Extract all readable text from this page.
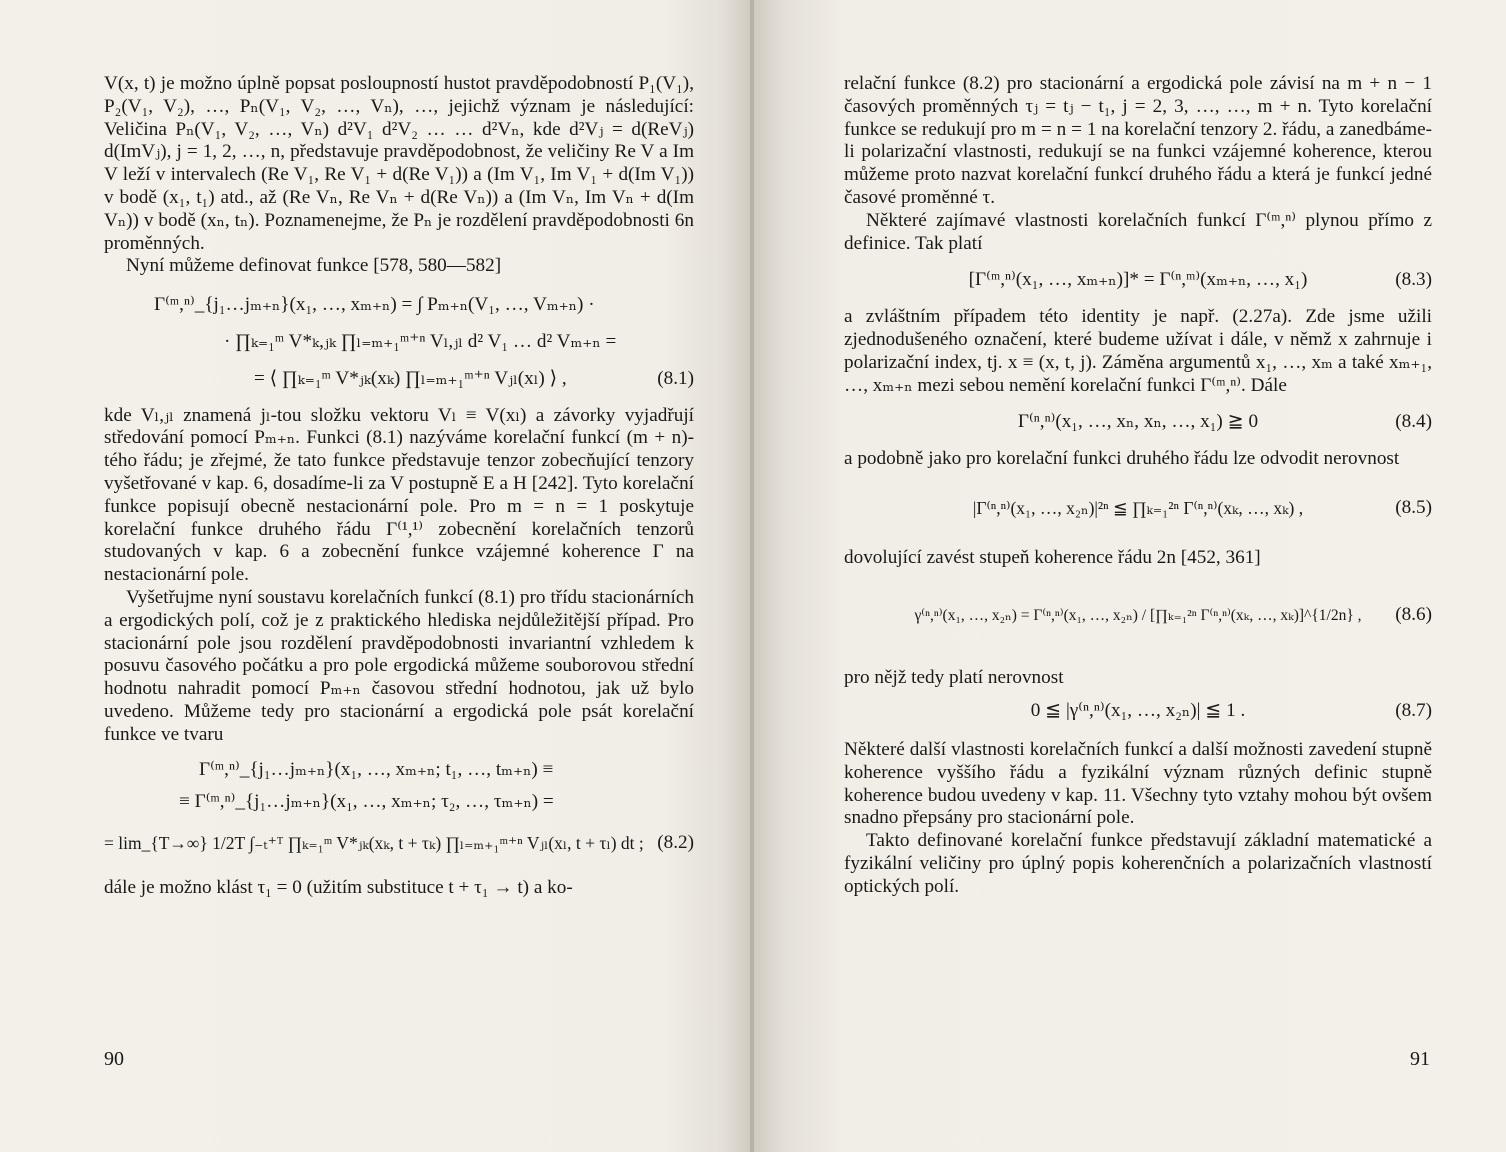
V(x, t) je možno úplně popsat posloupností hustot pravděpodobností P₁(V₁), P₂(V₁, V₂), …, Pₙ(V₁, V₂, …, Vₙ), …, jejichž význam je následující: Veličina Pₙ(V₁, V₂, …, Vₙ) d²V₁ d²V₂ … … d²Vₙ, kde d²Vⱼ = d(ReVⱼ) d(ImVⱼ), j = 1, 2, …, n, představuje pravděpodobnost, že veličiny Re V a Im V leží v intervalech (Re V₁, Re V₁ + d(Re V₁)) a (Im V₁, Im V₁ + d(Im V₁)) v bodě (x₁, t₁) atd., až (Re Vₙ, Re Vₙ + d(Re Vₙ)) a (Im Vₙ, Im Vₙ + d(Im Vₙ)) v bodě (xₙ, tₙ). Poznamenejme, že Pₙ je rozdělení pravděpodobnosti 6n proměnných.

Nyní můžeme definovat funkce [578, 580—582]

Γ⁽ᵐ,ⁿ⁾_{j₁…jₘ₊ₙ}(x₁, …, xₘ₊ₙ) = ∫ Pₘ₊ₙ(V₁, …, Vₘ₊ₙ) ·
· ∏ₖ₌₁ᵐ V*ₖ,ⱼₖ ∏ₗ₌ₘ₊₁ᵐ⁺ⁿ Vₗ,ⱼₗ d² V₁ … d² Vₘ₊ₙ =
= ⟨ ∏ₖ₌₁ᵐ V*ⱼₖ(xₖ) ∏ₗ₌ₘ₊₁ᵐ⁺ⁿ Vⱼₗ(xₗ) ⟩ ,	(8.1)

kde Vₗ,ⱼₗ znamená jₗ-tou složku vektoru Vₗ ≡ V(xₗ) a závorky vyjadřují středování pomocí Pₘ₊ₙ. Funkci (8.1) nazýváme korelační funkcí (m + n)-tého řádu; je zřejmé, že tato funkce představuje tenzor zobecňující tenzory vyšetřované v kap. 6, dosadíme-li za V postupně E a H [242]. Tyto korelační funkce popisují obecně nestacionární pole. Pro m = n = 1 poskytuje korelační funkce druhého řádu Γ⁽¹,¹⁾ zobecnění korelačních tenzorů studovaných v kap. 6 a zobecnění funkce vzájemné koherence Γ na nestacionární pole.

Vyšetřujme nyní soustavu korelačních funkcí (8.1) pro třídu stacionárních a ergodických polí, což je z praktického hlediska nejdůležitější případ. Pro stacionární pole jsou rozdělení pravděpodobnosti invariantní vzhledem k posuvu časového počátku a pro pole ergodická můžeme souborovou střední hodnotu nahradit pomocí Pₘ₊ₙ časovou střední hodnotou, jak už bylo uvedeno. Můžeme tedy pro stacionární a ergodická pole psát korelační funkce ve tvaru

Γ⁽ᵐ,ⁿ⁾_{j₁…jₘ₊ₙ}(x₁, …, xₘ₊ₙ; t₁, …, tₘ₊ₙ) ≡
≡ Γ⁽ᵐ,ⁿ⁾_{j₁…jₘ₊ₙ}(x₁, …, xₘ₊ₙ; τ₂, …, τₘ₊ₙ) =
= lim_{T→∞} 1/2T ∫₋ₜ⁺ᵀ ∏ₖ₌₁ᵐ V*ⱼₖ(xₖ, t + τₖ) ∏ₗ₌ₘ₊₁ᵐ⁺ⁿ Vⱼₗ(xₗ, t + τₗ) dt ; (8.2)

dále je možno klást τ₁ = 0 (užitím substituce t + τ₁ → t) a ko-

90

relační funkce (8.2) pro stacionární a ergodická pole závisí na m + n − 1 časových proměnných τⱼ = tⱼ − t₁, j = 2, 3, …, …, m + n. Tyto korelační funkce se redukují pro m = n = 1 na korelační tenzory 2. řádu, a zanedbáme-li polarizační vlastnosti, redukují se na funkci vzájemné koherence, kterou můžeme proto nazvat korelační funkcí druhého řádu a která je funkcí jedné časové proměnné τ.

Některé zajímavé vlastnosti korelačních funkcí Γ⁽ᵐ,ⁿ⁾ plynou přímo z definice. Tak platí

[Γ⁽ᵐ,ⁿ⁾(x₁, …, xₘ₊ₙ)]* = Γ⁽ⁿ,ᵐ⁾(xₘ₊ₙ, …, x₁)	(8.3)

a zvláštním případem této identity je např. (2.27a). Zde jsme užili zjednodušeného označení, které budeme užívat i dále, v němž x zahrnuje i polarizační index, tj. x ≡ (x, t, j). Záměna argumentů x₁, …, xₘ a také xₘ₊₁, …, xₘ₊ₙ mezi sebou nemění korelační funkci Γ⁽ᵐ,ⁿ⁾. Dále

Γ⁽ⁿ,ⁿ⁾(x₁, …, xₙ, xₙ, …, x₁) ≧ 0	(8.4)

a podobně jako pro korelační funkci druhého řádu lze odvodit nerovnost

|Γ⁽ⁿ,ⁿ⁾(x₁, …, x₂ₙ)|²ⁿ ≦ ∏ₖ₌₁²ⁿ Γ⁽ⁿ,ⁿ⁾(xₖ, …, xₖ) ,	(8.5)

dovolující zavést stupeň koherence řádu 2n [452, 361]

γ⁽ⁿ,ⁿ⁾(x₁, …, x₂ₙ) = Γ⁽ⁿ,ⁿ⁾(x₁, …, x₂ₙ) / [∏ₖ₌₁²ⁿ Γ⁽ⁿ,ⁿ⁾(xₖ, …, xₖ)]^{1/2n} , (8.6)

pro nějž tedy platí nerovnost

0 ≦ |γ⁽ⁿ,ⁿ⁾(x₁, …, x₂ₙ)| ≦ 1 .	(8.7)

Některé další vlastnosti korelačních funkcí a další možnosti zavedení stupně koherence vyššího řádu a fyzikální význam různých definic stupně koherence budou uvedeny v kap. 11. Všechny tyto vztahy mohou být ovšem snadno přepsány pro stacionární pole.

Takto definované korelační funkce představují základní matematické a fyzikální veličiny pro úplný popis koherenčních a polarizačních vlastností optických polí.

91
